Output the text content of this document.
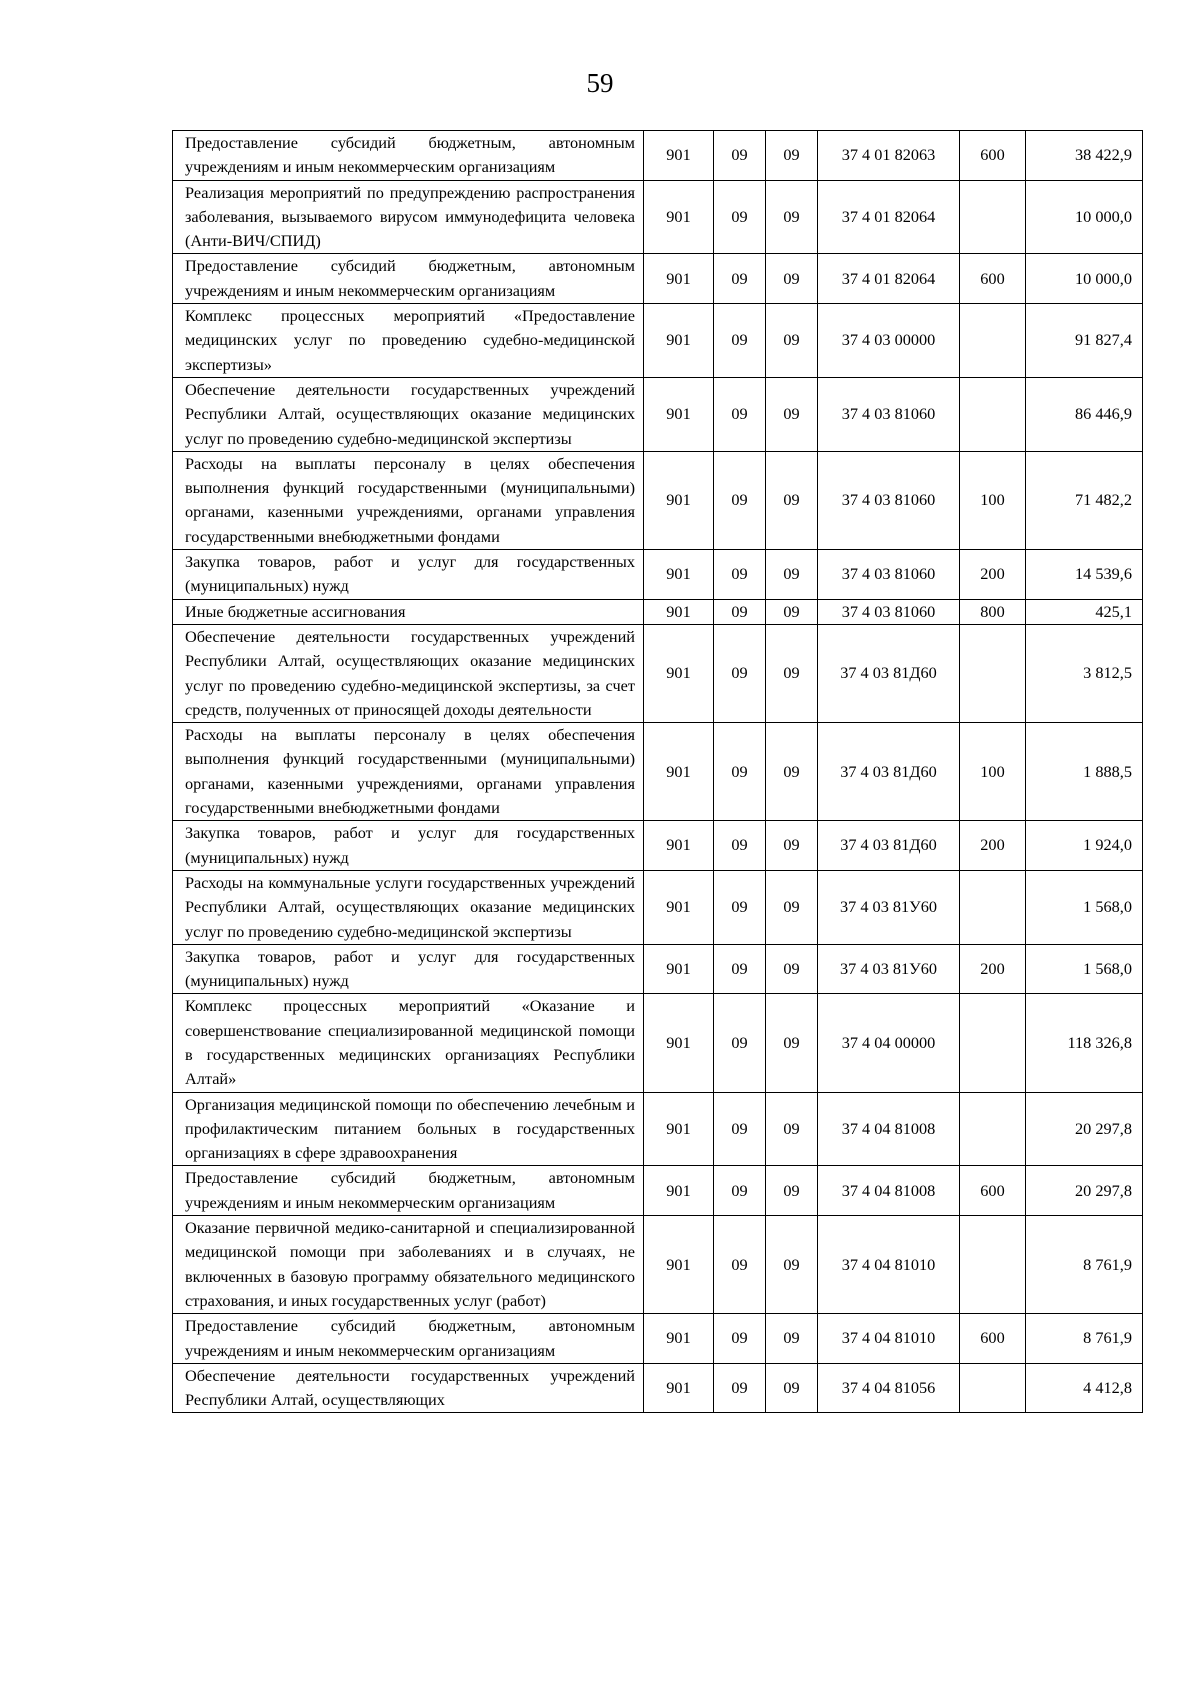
59
Предоставление субсидий бюджетным, автономным учреждениям и иным некоммерческим организациям	901	09	09	37 4 01 82063	600	38 422,9
Реализация мероприятий по предупреждению распространения заболевания, вызываемого вирусом иммунодефицита человека (Анти-ВИЧ/СПИД)	901	09	09	37 4 01 82064		10 000,0
Предоставление субсидий бюджетным, автономным учреждениям и иным некоммерческим организациям	901	09	09	37 4 01 82064	600	10 000,0
Комплекс процессных мероприятий «Предоставление медицинских услуг по проведению судебно-медицинской экспертизы»	901	09	09	37 4 03 00000		91 827,4
Обеспечение деятельности государственных учреждений Республики Алтай, осуществляющих оказание медицинских услуг по проведению судебно-медицинской экспертизы	901	09	09	37 4 03 81060		86 446,9
Расходы на выплаты персоналу в целях обеспечения выполнения функций государственными (муниципальными) органами, казенными учреждениями, органами управления государственными внебюджетными фондами	901	09	09	37 4 03 81060	100	71 482,2
Закупка товаров, работ и услуг для государственных (муниципальных) нужд	901	09	09	37 4 03 81060	200	14 539,6
Иные бюджетные ассигнования	901	09	09	37 4 03 81060	800	425,1
Обеспечение деятельности государственных учреждений Республики Алтай, осуществляющих оказание медицинских услуг по проведению судебно-медицинской экспертизы, за счет средств, полученных от приносящей доходы деятельности	901	09	09	37 4 03 81Д60		3 812,5
Расходы на выплаты персоналу в целях обеспечения выполнения функций государственными (муниципальными) органами, казенными учреждениями, органами управления государственными внебюджетными фондами	901	09	09	37 4 03 81Д60	100	1 888,5
Закупка товаров, работ и услуг для государственных (муниципальных) нужд	901	09	09	37 4 03 81Д60	200	1 924,0
Расходы на коммунальные услуги государственных учреждений Республики Алтай, осуществляющих оказание медицинских услуг по проведению судебно-медицинской экспертизы	901	09	09	37 4 03 81У60		1 568,0
Закупка товаров, работ и услуг для государственных (муниципальных) нужд	901	09	09	37 4 03 81У60	200	1 568,0
Комплекс процессных мероприятий «Оказание и совершенствование специализированной медицинской помощи в государственных медицинских организациях Республики Алтай»	901	09	09	37 4 04 00000		118 326,8
Организация медицинской помощи по обеспечению лечебным и профилактическим питанием больных в государственных организациях в сфере здравоохранения	901	09	09	37 4 04 81008		20 297,8
Предоставление субсидий бюджетным, автономным учреждениям и иным некоммерческим организациям	901	09	09	37 4 04 81008	600	20 297,8
Оказание первичной медико-санитарной и специализированной медицинской помощи при заболеваниях и в случаях, не включенных в базовую программу обязательного медицинского страхования, и иных государственных услуг (работ)	901	09	09	37 4 04 81010		8 761,9
Предоставление субсидий бюджетным, автономным учреждениям и иным некоммерческим организациям	901	09	09	37 4 04 81010	600	8 761,9
Обеспечение деятельности государственных учреждений Республики Алтай, осуществляющих	901	09	09	37 4 04 81056		4 412,8
